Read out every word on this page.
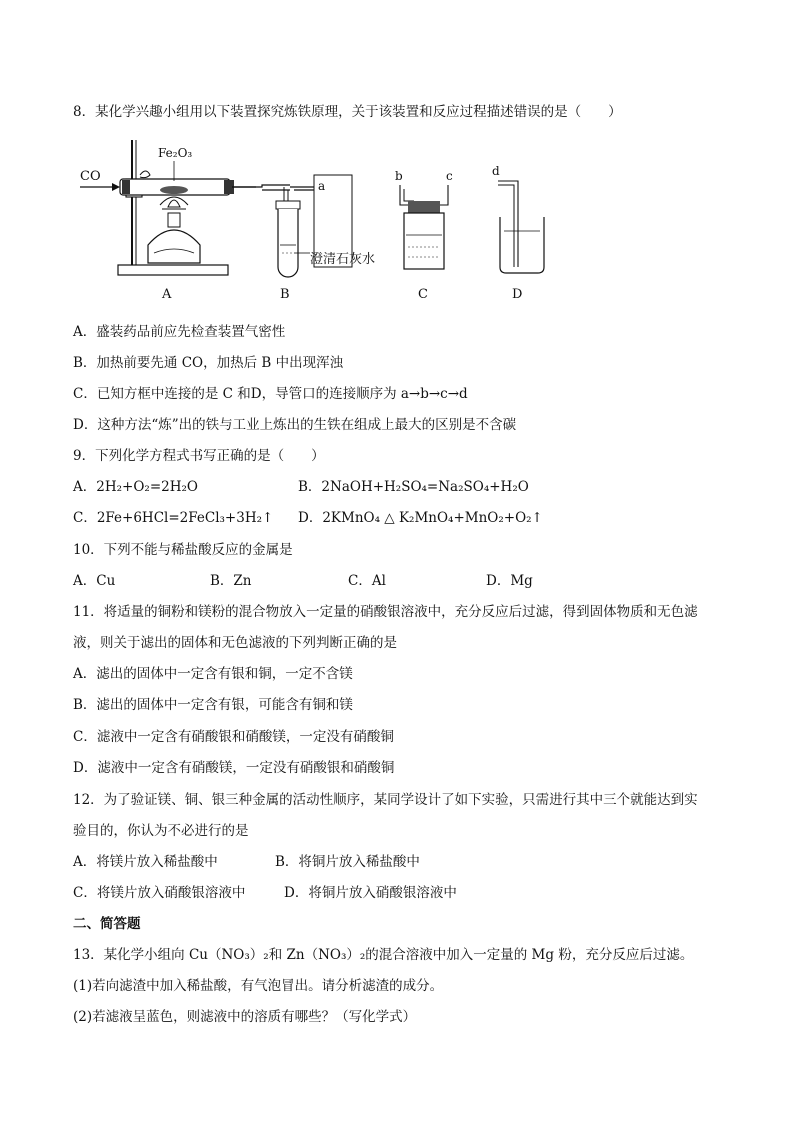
8．某化学兴趣小组用以下装置探究炼铁原理，关于该装置和反应过程描述错误的是（　　）
CO
Fe₂O₃
A
a
澄清石灰水
B
b	c
C
d
D
A．盛装药品前应先检查装置气密性
B．加热前要先通 CO，加热后 B 中出现浑浊
C．已知方框中连接的是 C 和D，导管口的连接顺序为 a→b→c→d
D．这种方法“炼”出的铁与工业上炼出的生铁在组成上最大的区别是不含碳
9．下列化学方程式书写正确的是（　　）
A．2H₂+O₂=2H₂O	B．2NaOH+H₂SO₄=Na₂SO₄+H₂O
C．2Fe+6HCl=2FeCl₃+3H₂↑ D．2KMnO₄ △ K₂MnO₄+MnO₂+O₂↑
10．下列不能与稀盐酸反应的金属是
A．Cu	B．Zn	C．Al	D．Mg
11．将适量的铜粉和镁粉的混合物放入一定量的硝酸银溶液中，充分反应后过滤，得到固体物质和无色滤
液，则关于滤出的固体和无色滤液的下列判断正确的是
A．滤出的固体中一定含有银和铜，一定不含镁
B．滤出的固体中一定含有银，可能含有铜和镁
C．滤液中一定含有硝酸银和硝酸镁，一定没有硝酸铜
D．滤液中一定含有硝酸镁，一定没有硝酸银和硝酸铜
12．为了验证镁、铜、银三种金属的活动性顺序，某同学设计了如下实验，只需进行其中三个就能达到实
验目的，你认为不必进行的是
A．将镁片放入稀盐酸中	B．将铜片放入稀盐酸中
C．将镁片放入硝酸银溶液中	D．将铜片放入硝酸银溶液中
二、简答题
13．某化学小组向 Cu（NO₃）₂和 Zn（NO₃）₂的混合溶液中加入一定量的 Mg 粉，充分反应后过滤。
(1)若向滤渣中加入稀盐酸，有气泡冒出。请分析滤渣的成分。
(2)若滤液呈蓝色，则滤液中的溶质有哪些？（写化学式）
